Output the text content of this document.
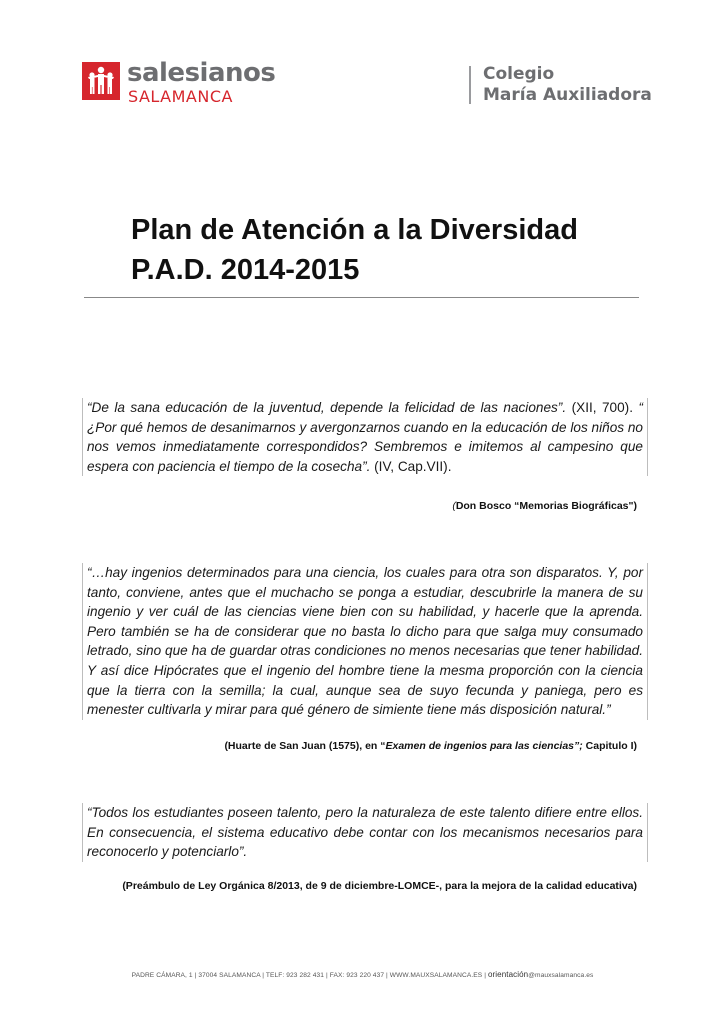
salesianos
SALAMANCA
Colegio
María Auxiliadora
Plan de Atención a la Diversidad
P.A.D. 2014-2015
“De la sana educación de la juventud, depende la felicidad de las naciones”. (XII, 700). “ ¿Por qué hemos de desanimarnos y avergonzarnos cuando en la educación de los niños no nos vemos inmediatamente correspondidos? Sembremos e imitemos al campesino que espera con paciencia el tiempo de la cosecha”. (IV, Cap.VII).
(Don Bosco “Memorias Biográficas")
“…hay ingenios determinados para una ciencia, los cuales para otra son disparatos. Y, por tanto, conviene, antes que el muchacho se ponga a estudiar, descubrirle la manera de su ingenio y ver cuál de las ciencias viene bien con su habilidad, y hacerle que la aprenda. Pero también se ha de considerar que no basta lo dicho para que salga muy consumado letrado, sino que ha de guardar otras condiciones no menos necesarias que tener habilidad. Y así dice Hipócrates que el ingenio del hombre tiene la mesma proporción con la ciencia que la tierra con la semilla; la cual, aunque sea de suyo fecunda y paniega, pero es menester cultivarla y mirar para qué género de simiente tiene más disposición natural.”
(Huarte de San Juan (1575), en “Examen de ingenios para las ciencias”; Capitulo I)
“Todos los estudiantes poseen talento, pero la naturaleza de este talento difiere entre ellos. En consecuencia, el sistema educativo debe contar con los mecanismos necesarios para reconocerlo y potenciarlo”.
(Preámbulo de Ley Orgánica 8/2013, de 9 de diciembre-LOMCE-, para la mejora de la calidad educativa)
PADRE CÁMARA, 1 | 37004 SALAMANCA | TELF: 923 282 431 | FAX: 923 220 437 | WWW.MAUXSALAMANCA.ES | orientación@mauxsalamanca.es
